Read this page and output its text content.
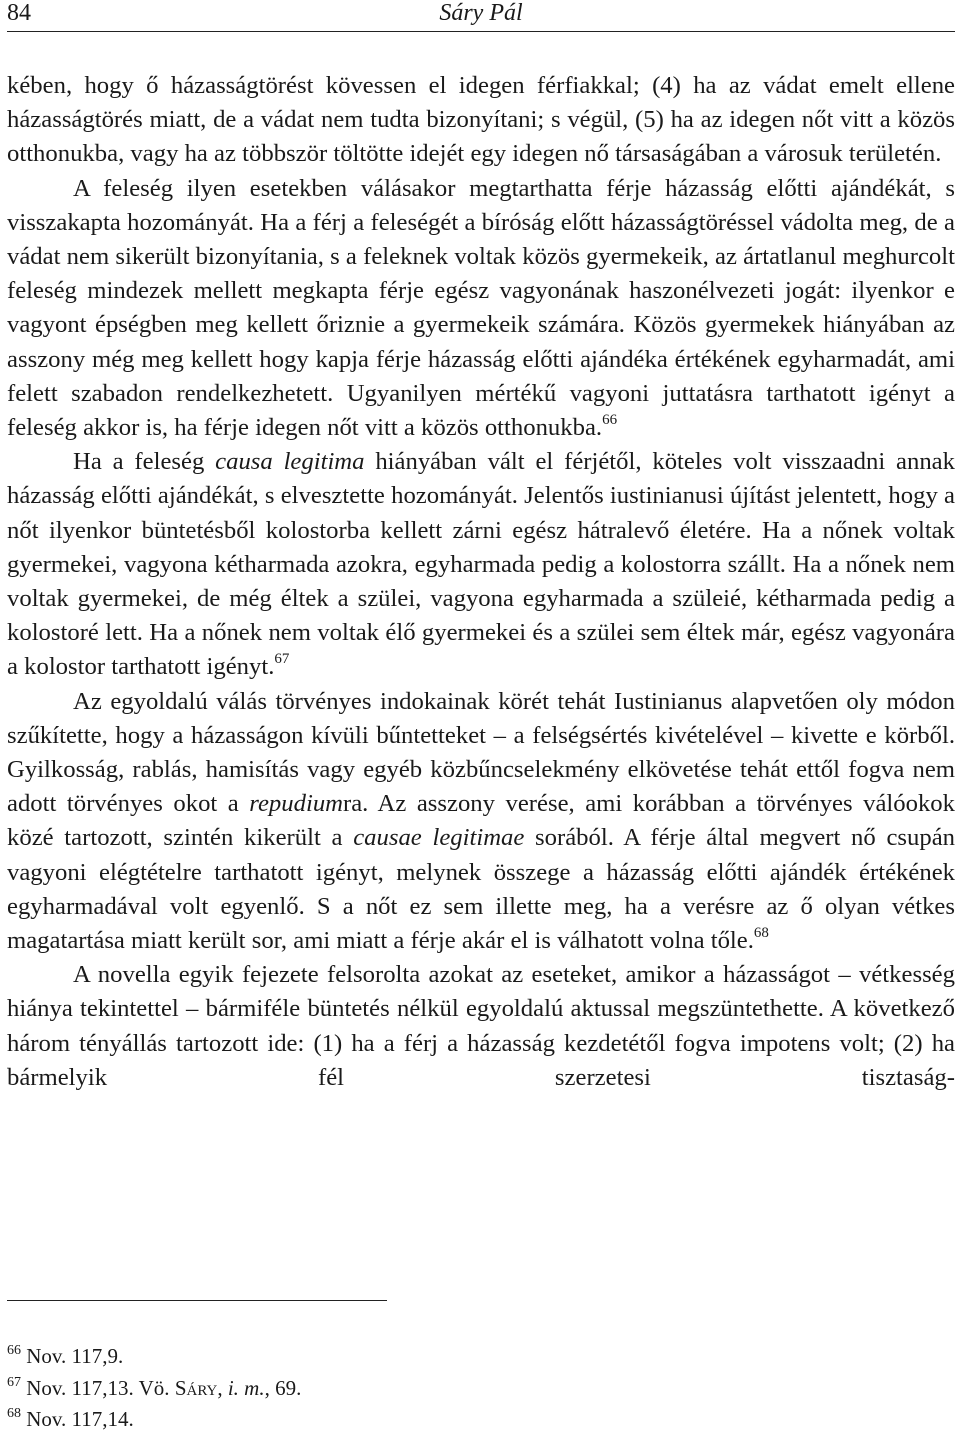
84	Sáry Pál

kében, hogy ő házasságtörést kövessen el idegen férfiakkal; (4) ha az vádat emelt ellene házasságtörés miatt, de a vádat nem tudta bizonyítani; s végül, (5) ha az idegen nőt vitt a közös otthonukba, vagy ha az többször töltötte idejét egy idegen nő társaságában a városuk területén.

A feleség ilyen esetekben válásakor megtarthatta férje házasság előtti ajándékát, s visszakapta hozományát. Ha a férj a feleségét a bíróság előtt házasságtöréssel vádolta meg, de a vádat nem sikerült bizonyítania, s a feleknek voltak közös gyermekeik, az ártatlanul meghurcolt feleség mindezek mellett megkapta férje egész vagyonának haszonélvezeti jogát: ilyenkor e vagyont épségben meg kellett őriznie a gyermekeik számára. Közös gyermekek hiányában az asszony még meg kellett hogy kapja férje házasság előtti ajándéka értékének egyharmadát, ami felett szabadon rendelkezhetett. Ugyanilyen mértékű vagyoni juttatásra tarthatott igényt a feleség akkor is, ha férje idegen nőt vitt a közös otthonukba.$^{66}$

Ha a feleség causa legitima hiányában vált el férjétől, köteles volt visszaadni annak házasság előtti ajándékát, s elvesztette hozományát. Jelentős iustinianusi újítást jelentett, hogy a nőt ilyenkor büntetésből kolostorba kellett zárni egész hátralevő életére. Ha a nőnek voltak gyermekei, vagyona kétharmada azokra, egyharmada pedig a kolostorra szállt. Ha a nőnek nem voltak gyermekei, de még éltek a szülei, vagyona egyharmada a szüleié, kétharmada pedig a kolostoré lett. Ha a nőnek nem voltak élő gyermekei és a szülei sem éltek már, egész vagyonára a kolostor tarthatott igényt.$^{67}$

Az egyoldalú válás törvényes indokainak körét tehát Iustinianus alapvetően oly módon szűkítette, hogy a házasságon kívüli bűntetteket – a felségsértés kivételével – kivette e körből. Gyilkosság, rablás, hamisítás vagy egyéb közbűncselekmény elkövetése tehát ettől fogva nem adott törvényes okot a repudiumra. Az asszony verése, ami korábban a törvényes válóokok közé tartozott, szintén kikerült a causae legitimae sorából. A férje által megvert nő csupán vagyoni elégtételre tarthatott igényt, melynek összege a házasság előtti ajándék értékének egyharmadával volt egyenlő. S a nőt ez sem illette meg, ha a verésre az ő olyan vétkes magatartása miatt került sor, ami miatt a férje akár el is válhatott volna tőle.$^{68}$

A novella egyik fejezete felsorolta azokat az eseteket, amikor a házasságot – vétkesség hiánya tekintettel – bármiféle büntetés nélkül egyoldalú aktussal megszüntethette. A következő három tényállás tartozott ide: (1) ha a férj a házasság kezdetétől fogva impotens volt; (2) ha bármelyik fél szerzetesi tisztaság-

$^{66}$ Nov. 117,9.
$^{67}$ Nov. 117,13. Vö. Sáry, i. m., 69.
$^{68}$ Nov. 117,14.
